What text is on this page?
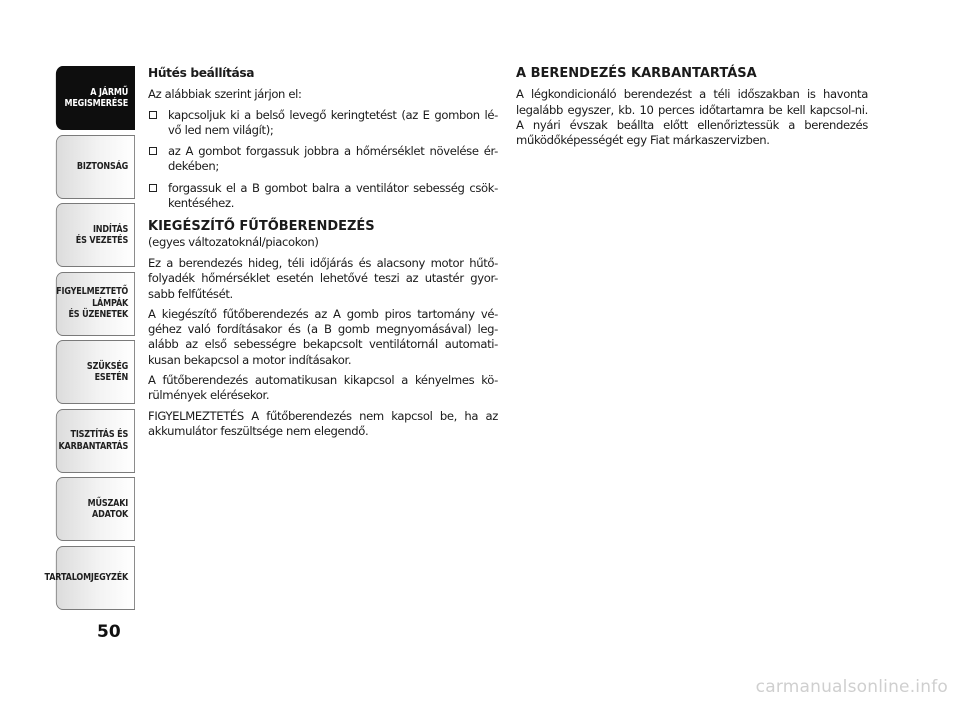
A JÁRMŰ
MEGISMERÉSE
BIZTONSÁG
INDÍTÁS
ÉS VEZETÉS
FIGYELMEZTETŐ
LÁMPÁK
ÉS ÜZENETEK
SZÜKSÉG
ESETÉN
TISZTÍTÁS ÉS
KARBANTARTÁS
MŰSZAKI
ADATOK
TARTALOMJEGYZÉK
50
Hűtés beállítása

Az alábbiak szerint járjon el:

kapcsoljuk ki a belső levegő keringtetést (az E gombon lé-vő led nem világít);
az A gombot forgassuk jobbra a hőmérséklet növelése ér-dekében;
forgassuk el a B gombot balra a ventilátor sebesség csök-kentéséhez.
KIEGÉSZÍTŐ FŰTŐBERENDEZÉS
(egyes változatoknál/piacokon)

Ez a berendezés hideg, téli időjárás és alacsony motor hűtő-folyadék hőmérséklet esetén lehetővé teszi az utastér gyor-sabb felfűtését.

A kiegészítő fűtőberendezés az A gomb piros tartomány vé-géhez való fordításakor és (a B gomb megnyomásával) leg-alább az első sebességre bekapcsolt ventilátornál automati-kusan bekapcsol a motor indításakor.

A fűtőberendezés automatikusan kikapcsol a kényelmes kö-rülmények elérésekor.

FIGYELMEZTETÉS A fűtőberendezés nem kapcsol be, ha az akkumulátor feszültsége nem elegendő.

A BERENDEZÉS KARBANTARTÁSA

A légkondicionáló berendezést a téli időszakban is havonta legalább egyszer, kb. 10 perces időtartamra be kell kapcsol-ni. A nyári évszak beállta előtt ellenőriztessük a berendezés működőképességét egy Fiat márkaszervizben.

carmanualsonline.info
